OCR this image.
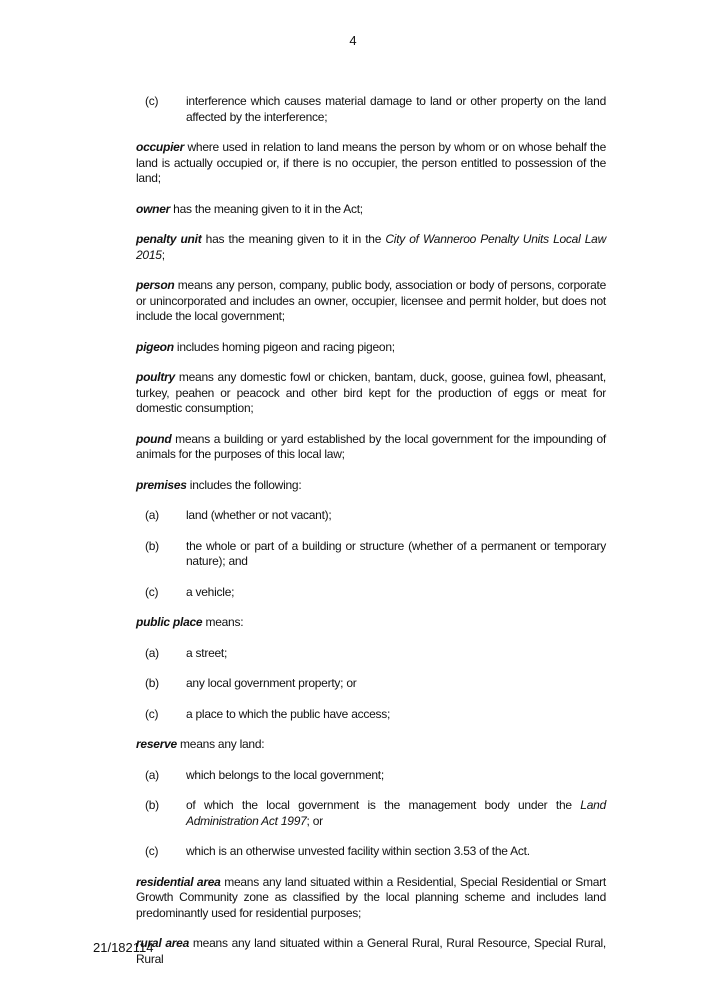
4
(c)	interference which causes material damage to land or other property on the land affected by the interference;

occupier where used in relation to land means the person by whom or on whose behalf the land is actually occupied or, if there is no occupier, the person entitled to possession of the land;

owner has the meaning given to it in the Act;

penalty unit has the meaning given to it in the City of Wanneroo Penalty Units Local Law 2015;

person means any person, company, public body, association or body of persons, corporate or unincorporated and includes an owner, occupier, licensee and permit holder, but does not include the local government;

pigeon includes homing pigeon and racing pigeon;

poultry means any domestic fowl or chicken, bantam, duck, goose, guinea fowl, pheasant, turkey, peahen or peacock and other bird kept for the production of eggs or meat for domestic consumption;

pound means a building or yard established by the local government for the impounding of animals for the purposes of this local law;

premises includes the following:

(a)	land (whether or not vacant);
(b)	the whole or part of a building or structure (whether of a permanent or temporary nature); and
(c)	a vehicle;

public place means:

(a)	a street;
(b)	any local government property; or
(c)	a place to which the public have access;

reserve means any land:

(a)	which belongs to the local government;
(b)	of which the local government is the management body under the Land Administration Act 1997; or
(c)	which is an otherwise unvested facility within section 3.53 of the Act.

residential area means any land situated within a Residential, Special Residential or Smart Growth Community zone as classified by the local planning scheme and includes land predominantly used for residential purposes;

rural area means any land situated within a General Rural, Rural Resource, Special Rural, Rural

21/182114
